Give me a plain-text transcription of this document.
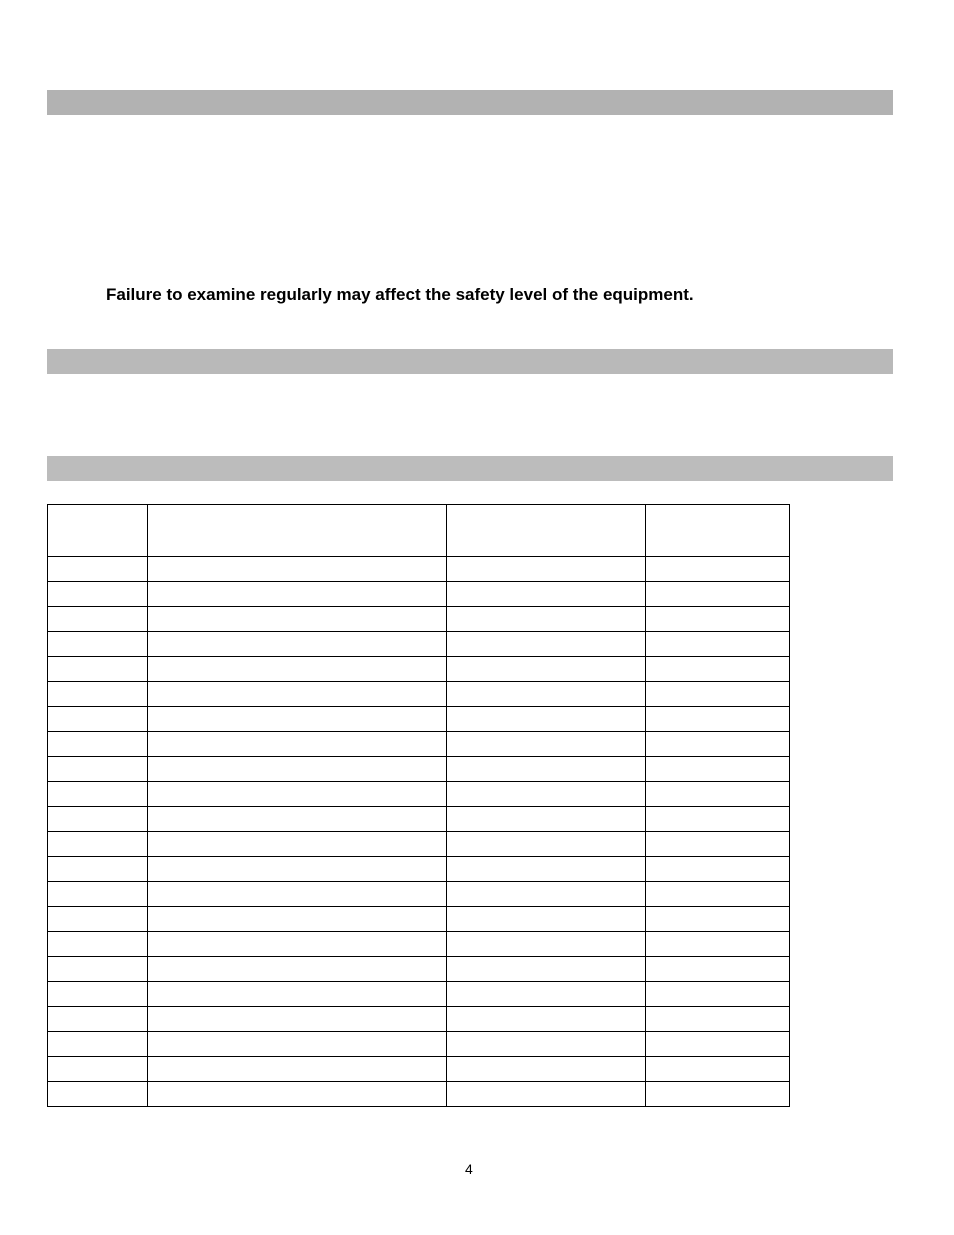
Failure to examine regularly may affect the safety level of the equipment.

4
